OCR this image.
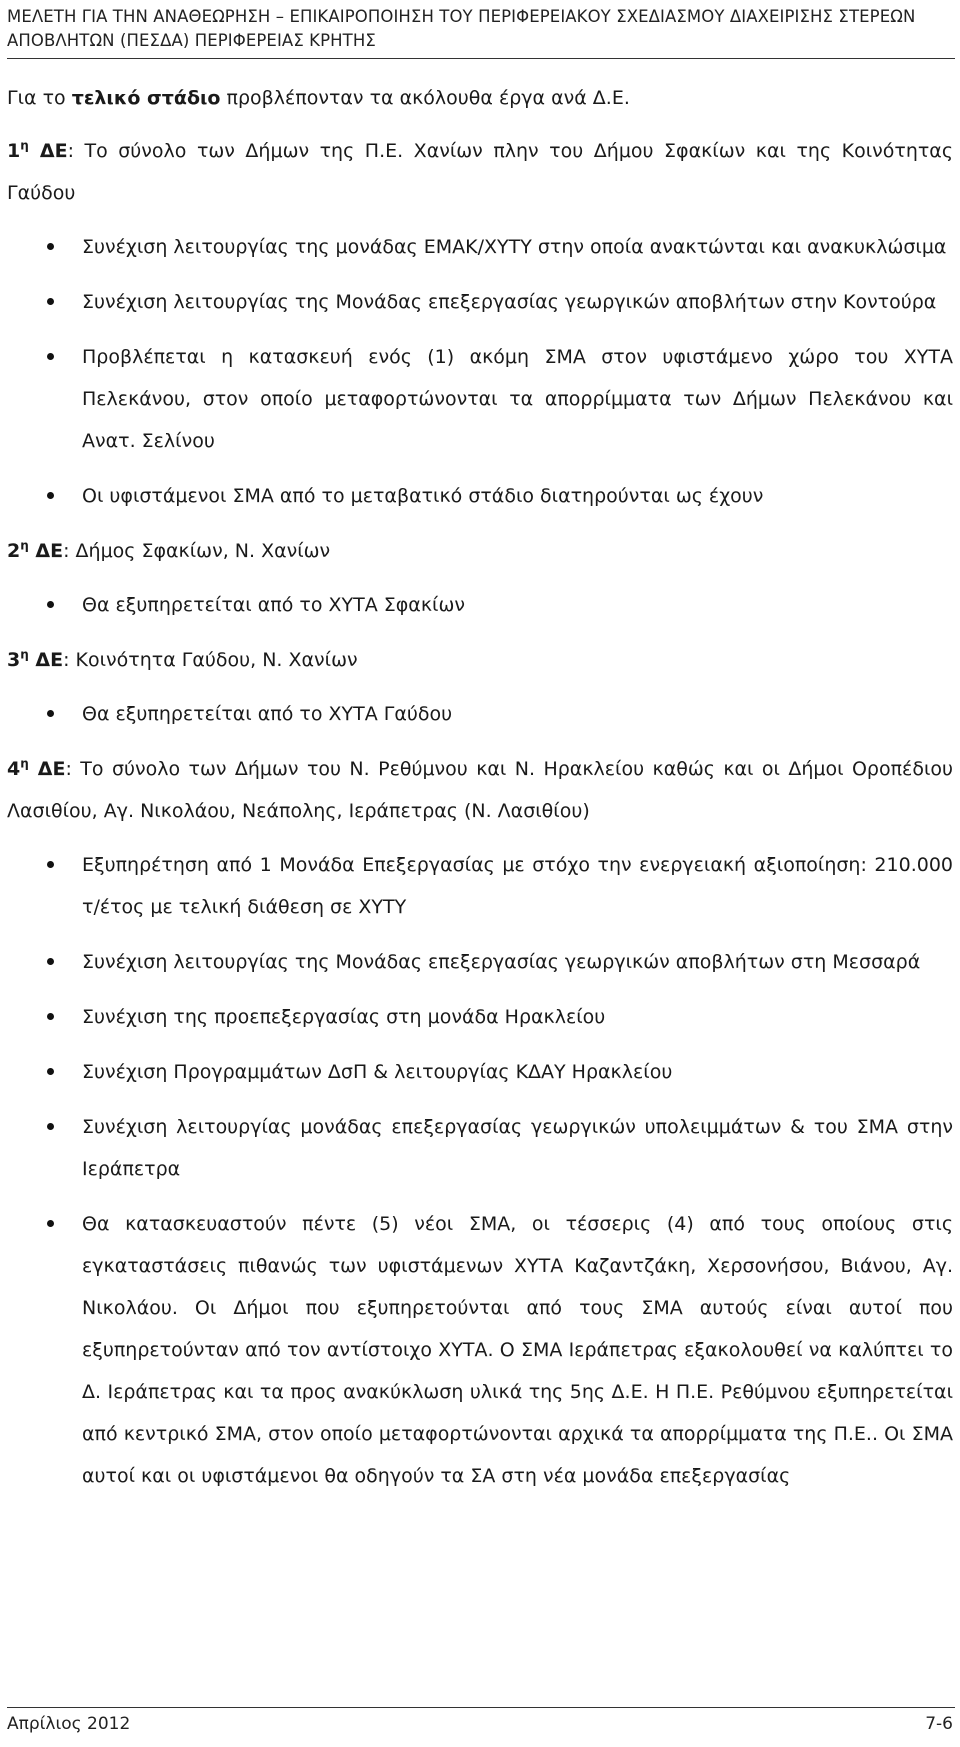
ΜΕΛΕΤΗ ΓΙΑ ΤΗΝ ΑΝΑΘΕΩΡΗΣΗ – ΕΠΙΚΑΙΡΟΠΟΙΗΣΗ ΤΟΥ ΠΕΡΙΦΕΡΕΙΑΚΟΥ ΣΧΕΔΙΑΣΜΟΥ ΔΙΑΧΕΙΡΙΣΗΣ ΣΤΕΡΕΩΝ
ΑΠΟΒΛΗΤΩΝ (ΠΕΣΔΑ) ΠΕΡΙΦΕΡΕΙΑΣ ΚΡΗΤΗΣ

Για το τελικό στάδιο προβλέπονταν τα ακόλουθα έργα ανά Δ.Ε.

$1^\eta$ ΔΕ: Το σύνολο των Δήμων της Π.Ε. Χανίων πλην του Δήμου Σφακίων και της Κοινότητας Γαύδου

Συνέχιση λειτουργίας της μονάδας ΕΜΑΚ/ΧΥΤΥ στην οποία ανακτώνται και ανακυκλώσιμα
Συνέχιση λειτουργίας της Μονάδας επεξεργασίας γεωργικών αποβλήτων στην Κοντούρα
Προβλέπεται η κατασκευή ενός (1) ακόμη ΣΜΑ στον υφιστάμενο χώρο του ΧΥΤΑ Πελεκάνου, στον οποίο μεταφορτώνονται τα απορρίμματα των Δήμων Πελεκάνου και Ανατ. Σελίνου
Οι υφιστάμενοι ΣΜΑ από το μεταβατικό στάδιο διατηρούνται ως έχουν

$2^\eta$ ΔΕ: Δήμος Σφακίων, Ν. Χανίων

Θα εξυπηρετείται από το ΧΥΤΑ Σφακίων

$3^\eta$ ΔΕ: Κοινότητα Γαύδου, Ν. Χανίων

Θα εξυπηρετείται από το ΧΥΤΑ Γαύδου

$4^\eta$ ΔΕ: Το σύνολο των Δήμων του Ν. Ρεθύμνου και Ν. Ηρακλείου καθώς και οι Δήμοι Οροπέδιου Λασιθίου, Αγ. Νικολάου, Νεάπολης, Ιεράπετρας (Ν. Λασιθίου)

Εξυπηρέτηση από 1 Μονάδα Επεξεργασίας με στόχο την ενεργειακή αξιοποίηση: 210.000 τ/έτος με τελική διάθεση σε ΧΥΤΥ
Συνέχιση λειτουργίας της Μονάδας επεξεργασίας γεωργικών αποβλήτων στη Μεσσαρά
Συνέχιση της προεπεξεργασίας στη μονάδα Ηρακλείου
Συνέχιση Προγραμμάτων ΔσΠ & λειτουργίας ΚΔΑΥ Ηρακλείου
Συνέχιση λειτουργίας μονάδας επεξεργασίας γεωργικών υπολειμμάτων & του ΣΜΑ στην Ιεράπετρα
Θα κατασκευαστούν πέντε (5) νέοι ΣΜΑ, οι τέσσερις (4) από τους οποίους στις εγκαταστάσεις πιθανώς των υφιστάμενων ΧΥΤΑ Καζαντζάκη, Χερσονήσου, Βιάνου, Αγ. Νικολάου. Οι Δήμοι που εξυπηρετούνται από τους ΣΜΑ αυτούς είναι αυτοί που εξυπηρετούνταν από τον αντίστοιχο ΧΥΤΑ. Ο ΣΜΑ Ιεράπετρας εξακολουθεί να καλύπτει το Δ. Ιεράπετρας και τα προς ανακύκλωση υλικά της 5ης Δ.Ε. Η Π.Ε. Ρεθύμνου εξυπηρετείται από κεντρικό ΣΜΑ, στον οποίο μεταφορτώνονται αρχικά τα απορρίμματα της Π.Ε.. Οι ΣΜΑ αυτοί και οι υφιστάμενοι θα οδηγούν τα ΣΑ στη νέα μονάδα επεξεργασίας
Απρίλιος 2012	7-6
